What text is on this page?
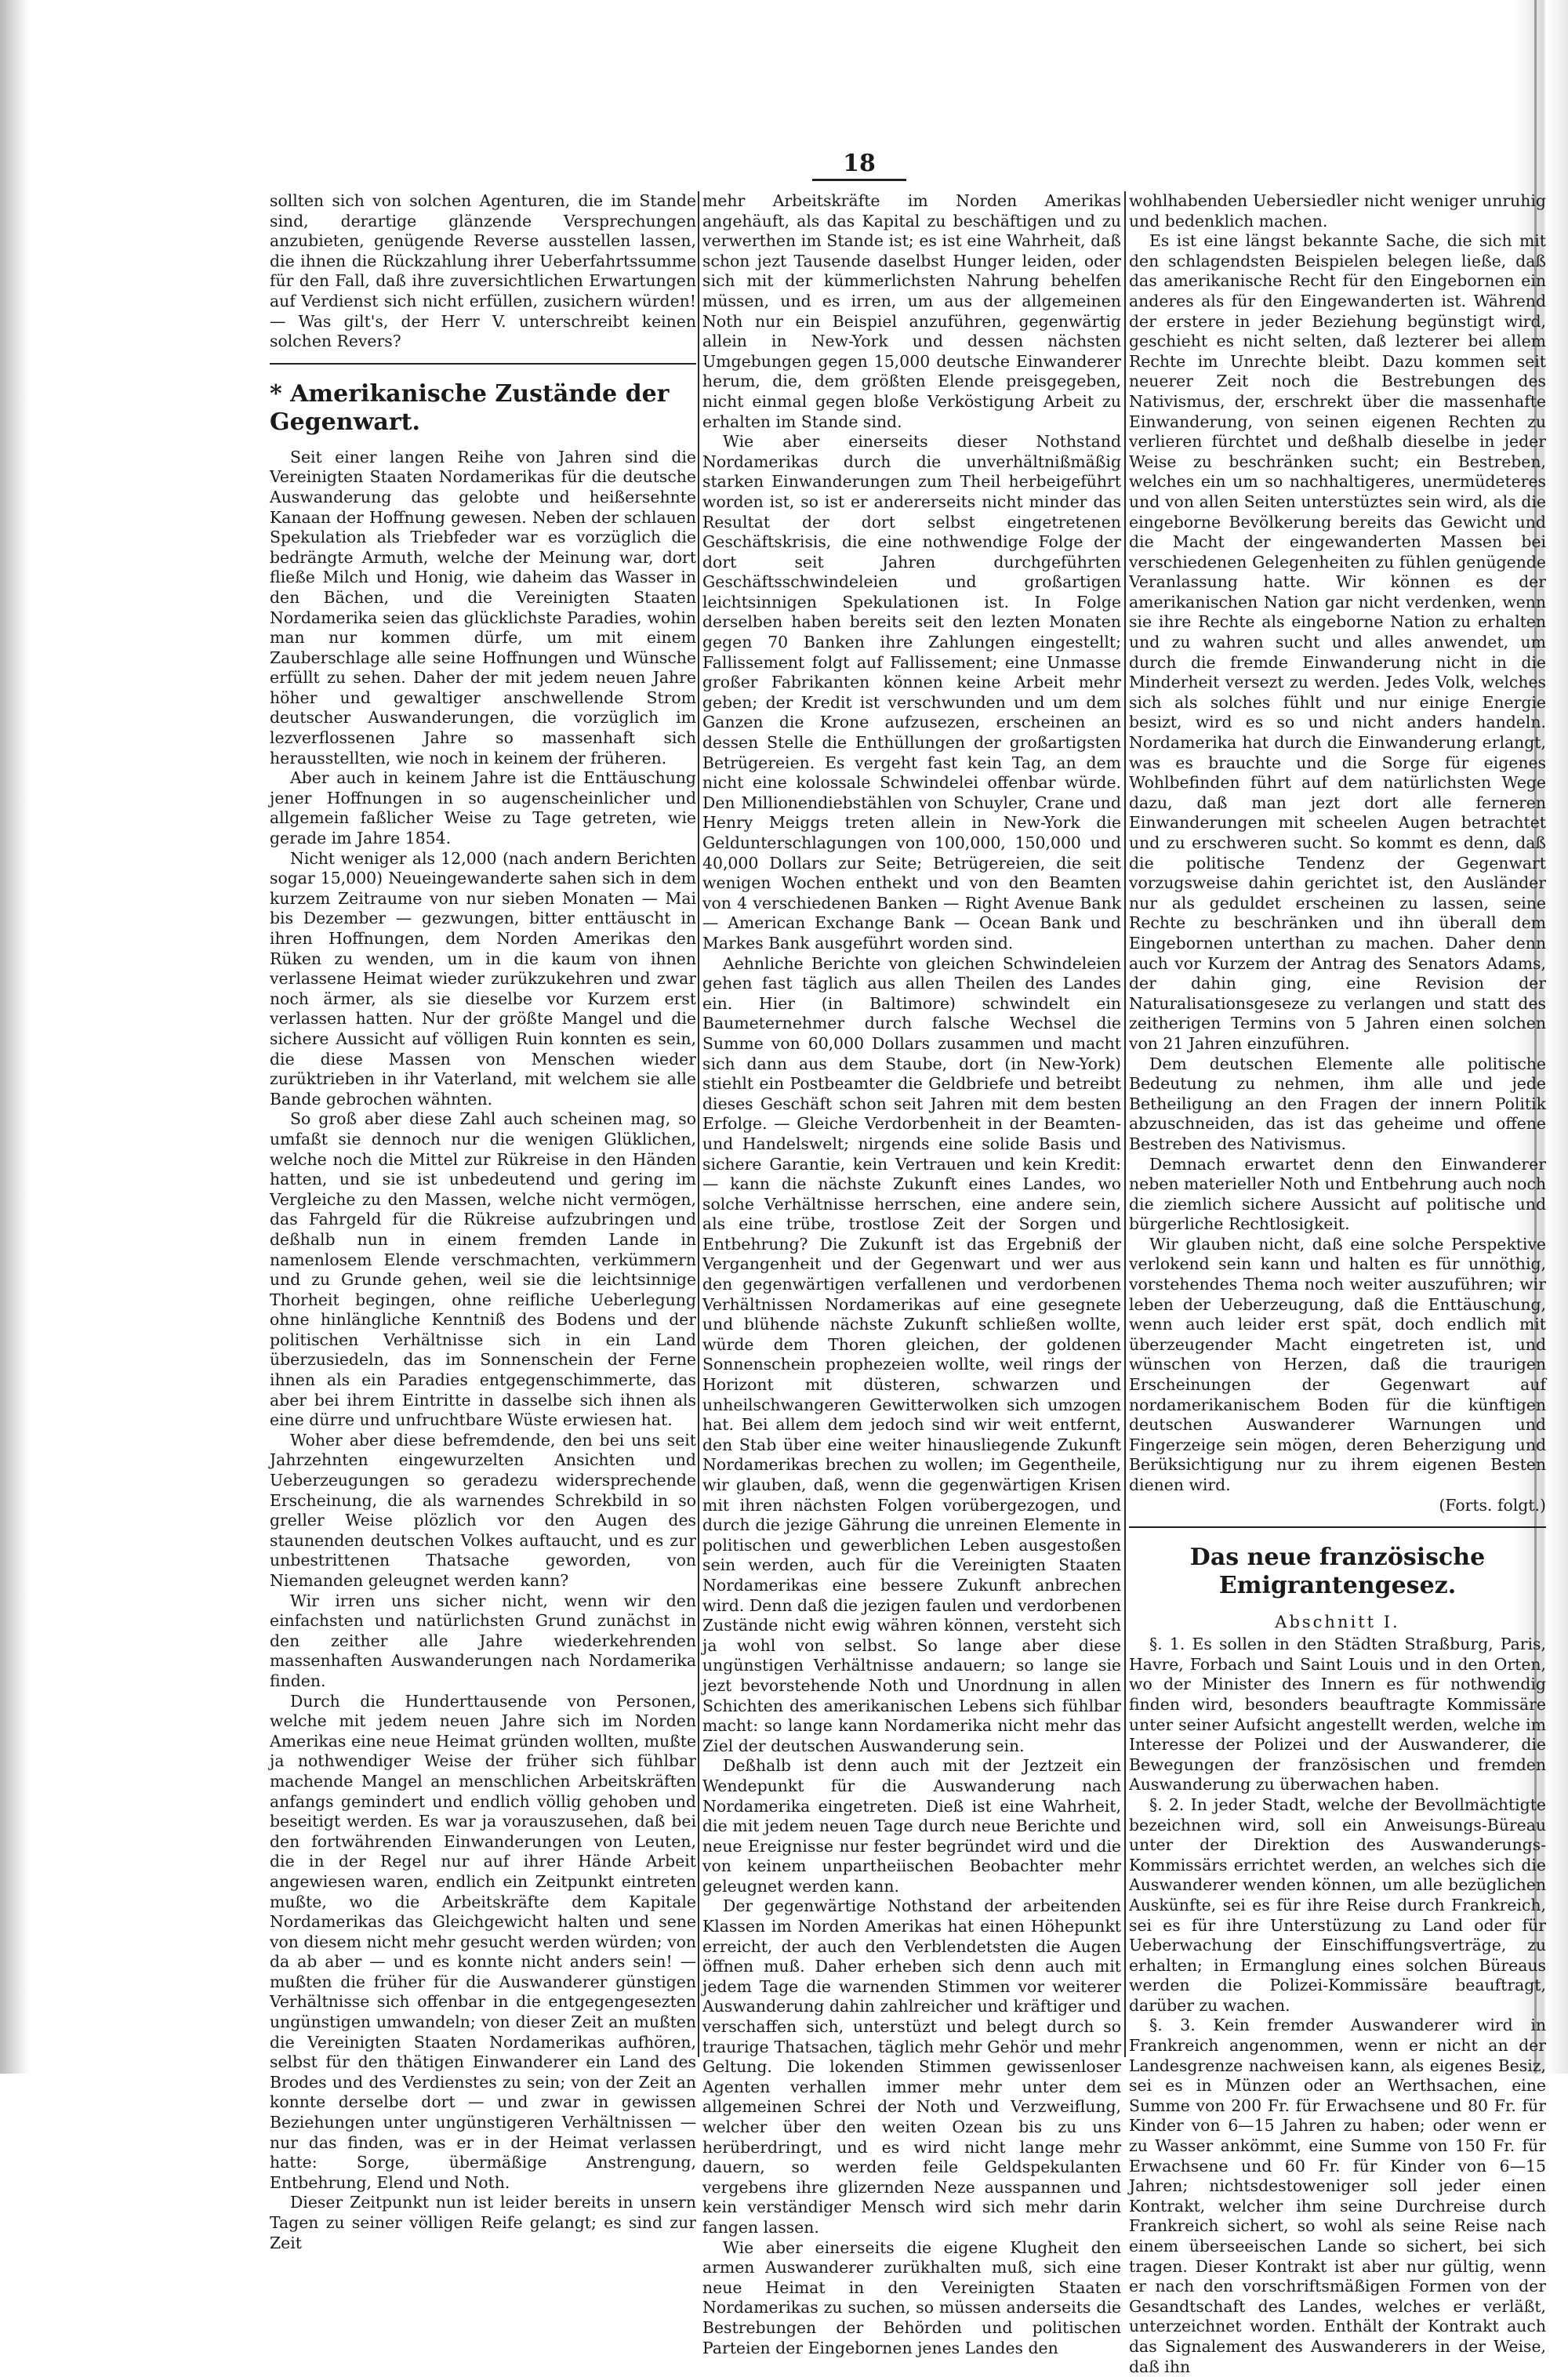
18

sollten sich von solchen Agenturen, die im Stande sind, derartige glänzende Versprechungen anzubieten, genügende Reverse ausstellen lassen, die ihnen die Rückzahlung ihrer Ueberfahrtssumme für den Fall, daß ihre zuversichtlichen Erwartungen auf Verdienst sich nicht erfüllen, zusichern würden! — Was gilt's, der Herr V. unterschreibt keinen solchen Revers?

* Amerikanische Zustände der Gegenwart.

Seit einer langen Reihe von Jahren sind die Vereinigten Staaten Nordamerikas für die deutsche Auswanderung das gelobte und heißersehnte Kanaan der Hoffnung gewesen. Neben der schlauen Spekulation als Triebfeder war es vorzüglich die bedrängte Armuth, welche der Meinung war, dort fließe Milch und Honig, wie daheim das Wasser in den Bächen, und die Vereinigten Staaten Nordamerika seien das glücklichste Paradies, wohin man nur kommen dürfe, um mit einem Zauberschlage alle seine Hoffnungen und Wünsche erfüllt zu sehen. Daher der mit jedem neuen Jahre höher und gewaltiger anschwellende Strom deutscher Auswanderungen, die vorzüglich im lezverflossenen Jahre so massenhaft sich herausstellten, wie noch in keinem der früheren.

Aber auch in keinem Jahre ist die Enttäuschung jener Hoffnungen in so augenscheinlicher und allgemein faßlicher Weise zu Tage getreten, wie gerade im Jahre 1854.

Nicht weniger als 12,000 (nach andern Berichten sogar 15,000) Neueingewanderte sahen sich in dem kurzem Zeitraume von nur sieben Monaten — Mai bis Dezember — gezwungen, bitter enttäuscht in ihren Hoffnungen, dem Norden Amerikas den Rüken zu wenden, um in die kaum von ihnen verlassene Heimat wieder zurükzukehren und zwar noch ärmer, als sie dieselbe vor Kurzem erst verlassen hatten. Nur der größte Mangel und die sichere Aussicht auf völligen Ruin konnten es sein, die diese Massen von Menschen wieder zurüktrieben in ihr Vaterland, mit welchem sie alle Bande gebrochen wähnten.

So groß aber diese Zahl auch scheinen mag, so umfaßt sie dennoch nur die wenigen Glüklichen, welche noch die Mittel zur Rükreise in den Händen hatten, und sie ist unbedeutend und gering im Vergleiche zu den Massen, welche nicht vermögen, das Fahrgeld für die Rükreise aufzubringen und deßhalb nun in einem fremden Lande in namenlosem Elende verschmachten, verkümmern und zu Grunde gehen, weil sie die leichtsinnige Thorheit begingen, ohne reifliche Ueberlegung ohne hinlängliche Kenntniß des Bodens und der politischen Verhältnisse sich in ein Land überzusiedeln, das im Sonnenschein der Ferne ihnen als ein Paradies entgegenschimmerte, das aber bei ihrem Eintritte in dasselbe sich ihnen als eine dürre und unfruchtbare Wüste erwiesen hat.

Woher aber diese befremdende, den bei uns seit Jahrzehnten eingewurzelten Ansichten und Ueberzeugungen so geradezu widersprechende Erscheinung, die als warnendes Schrekbild in so greller Weise plözlich vor den Augen des staunenden deutschen Volkes auftaucht, und es zur unbestrittenen Thatsache geworden, von Niemanden geleugnet werden kann?

Wir irren uns sicher nicht, wenn wir den einfachsten und natürlichsten Grund zunächst in den zeither alle Jahre wiederkehrenden massenhaften Auswanderungen nach Nordamerika finden.

Durch die Hunderttausende von Personen, welche mit jedem neuen Jahre sich im Norden Amerikas eine neue Heimat gründen wollten, mußte ja nothwendiger Weise der früher sich fühlbar machende Mangel an menschlichen Arbeitskräften anfangs gemindert und endlich völlig gehoben und beseitigt werden. Es war ja vorauszusehen, daß bei den fortwährenden Einwanderungen von Leuten, die in der Regel nur auf ihrer Hände Arbeit angewiesen waren, endlich ein Zeitpunkt eintreten mußte, wo die Arbeitskräfte dem Kapitale Nordamerikas das Gleichgewicht halten und sene von diesem nicht mehr gesucht werden würden; von da ab aber — und es konnte nicht anders sein! — mußten die früher für die Auswanderer günstigen Verhältnisse sich offenbar in die entgegengesezten ungünstigen umwandeln; von dieser Zeit an mußten die Vereinigten Staaten Nordamerikas aufhören, selbst für den thätigen Einwanderer ein Land des Brodes und des Verdienstes zu sein; von der Zeit an konnte derselbe dort — und zwar in gewissen Beziehungen unter ungünstigeren Verhältnissen — nur das finden, was er in der Heimat verlassen hatte: Sorge, übermäßige Anstrengung, Entbehrung, Elend und Noth.

Dieser Zeitpunkt nun ist leider bereits in unsern Tagen zu seiner völligen Reife gelangt; es sind zur Zeit

mehr Arbeitskräfte im Norden Amerikas angehäuft, als das Kapital zu beschäftigen und zu verwerthen im Stande ist; es ist eine Wahrheit, daß schon jezt Tausende daselbst Hunger leiden, oder sich mit der kümmerlichsten Nahrung behelfen müssen, und es irren, um aus der allgemeinen Noth nur ein Beispiel anzuführen, gegenwärtig allein in New-York und dessen nächsten Umgebungen gegen 15,000 deutsche Einwanderer herum, die, dem größten Elende preisgegeben, nicht einmal gegen bloße Verköstigung Arbeit zu erhalten im Stande sind.

Wie aber einerseits dieser Nothstand Nordamerikas durch die unverhältnißmäßig starken Einwanderungen zum Theil herbeigeführt worden ist, so ist er andererseits nicht minder das Resultat der dort selbst eingetretenen Geschäftskrisis, die eine nothwendige Folge der dort seit Jahren durchgeführten Geschäftsschwindeleien und großartigen leichtsinnigen Spekulationen ist. In Folge derselben haben bereits seit den lezten Monaten gegen 70 Banken ihre Zahlungen eingestellt; Fallissement folgt auf Fallissement; eine Unmasse großer Fabrikanten können keine Arbeit mehr geben; der Kredit ist verschwunden und um dem Ganzen die Krone aufzusezen, erscheinen an dessen Stelle die Enthüllungen der großartigsten Betrügereien. Es vergeht fast kein Tag, an dem nicht eine kolossale Schwindelei offenbar würde. Den Millionendiebstählen von Schuyler, Crane und Henry Meiggs treten allein in New-York die Geldunterschlagungen von 100,000, 150,000 und 40,000 Dollars zur Seite; Betrügereien, die seit wenigen Wochen enthekt und von den Beamten von 4 verschiedenen Banken — Right Avenue Bank — American Exchange Bank — Ocean Bank und Markes Bank ausgeführt worden sind.

Aehnliche Berichte von gleichen Schwindeleien gehen fast täglich aus allen Theilen des Landes ein. Hier (in Baltimore) schwindelt ein Baumeternehmer durch falsche Wechsel die Summe von 60,000 Dollars zusammen und macht sich dann aus dem Staube, dort (in New-York) stiehlt ein Postbeamter die Geldbriefe und betreibt dieses Geschäft schon seit Jahren mit dem besten Erfolge. — Gleiche Verdorbenheit in der Beamten- und Handelswelt; nirgends eine solide Basis und sichere Garantie, kein Vertrauen und kein Kredit: — kann die nächste Zukunft eines Landes, wo solche Verhältnisse herrschen, eine andere sein, als eine trübe, trostlose Zeit der Sorgen und Entbehrung? Die Zukunft ist das Ergebniß der Vergangenheit und der Gegenwart und wer aus den gegenwärtigen verfallenen und verdorbenen Verhältnissen Nordamerikas auf eine gesegnete und blühende nächste Zukunft schließen wollte, würde dem Thoren gleichen, der goldenen Sonnenschein prophezeien wollte, weil rings der Horizont mit düsteren, schwarzen und unheilschwangeren Gewitterwolken sich umzogen hat. Bei allem dem jedoch sind wir weit entfernt, den Stab über eine weiter hinausliegende Zukunft Nordamerikas brechen zu wollen; im Gegentheile, wir glauben, daß, wenn die gegenwärtigen Krisen mit ihren nächsten Folgen vorübergezogen, und durch die jezige Gährung die unreinen Elemente in politischen und gewerblichen Leben ausgestoßen sein werden, auch für die Vereinigten Staaten Nordamerikas eine bessere Zukunft anbrechen wird. Denn daß die jezigen faulen und verdorbenen Zustände nicht ewig währen können, versteht sich ja wohl von selbst. So lange aber diese ungünstigen Verhältnisse andauern; so lange sie jezt bevorstehende Noth und Unordnung in allen Schichten des amerikanischen Lebens sich fühlbar macht: so lange kann Nordamerika nicht mehr das Ziel der deutschen Auswanderung sein.

Deßhalb ist denn auch mit der Jeztzeit ein Wendepunkt für die Auswanderung nach Nordamerika eingetreten. Dieß ist eine Wahrheit, die mit jedem neuen Tage durch neue Berichte und neue Ereignisse nur fester begründet wird und die von keinem unpartheiischen Beobachter mehr geleugnet werden kann.

Der gegenwärtige Nothstand der arbeitenden Klassen im Norden Amerikas hat einen Höhepunkt erreicht, der auch den Verblendetsten die Augen öffnen muß. Daher erheben sich denn auch mit jedem Tage die warnenden Stimmen vor weiterer Auswanderung dahin zahlreicher und kräftiger und verschaffen sich, unterstüzt und belegt durch so traurige Thatsachen, täglich mehr Gehör und mehr Geltung. Die lokenden Stimmen gewissenloser Agenten verhallen immer mehr unter dem allgemeinen Schrei der Noth und Verzweiflung, welcher über den weiten Ozean bis zu uns herüberdringt, und es wird nicht lange mehr dauern, so werden feile Geldspekulanten vergebens ihre glizernden Neze ausspannen und kein verständiger Mensch wird sich mehr darin fangen lassen.

Wie aber einerseits die eigene Klugheit den armen Auswanderer zurükhalten muß, sich eine neue Heimat in den Vereinigten Staaten Nordamerikas zu suchen, so müssen anderseits die Bestrebungen der Behörden und politischen Parteien der Eingebornen jenes Landes den

wohlhabenden Uebersiedler nicht weniger unruhig und bedenklich machen.

Es ist eine längst bekannte Sache, die sich mit den schlagendsten Beispielen belegen ließe, daß das amerikanische Recht für den Eingebornen ein anderes als für den Eingewanderten ist. Während der erstere in jeder Beziehung begünstigt wird, geschieht es nicht selten, daß lezterer bei allem Rechte im Unrechte bleibt. Dazu kommen seit neuerer Zeit noch die Bestrebungen des Nativismus, der, erschrekt über die massenhafte Einwanderung, von seinen eigenen Rechten zu verlieren fürchtet und deßhalb dieselbe in jeder Weise zu beschränken sucht; ein Bestreben, welches ein um so nachhaltigeres, unermüdeteres und von allen Seiten unterstüztes sein wird, als die eingeborne Bevölkerung bereits das Gewicht und die Macht der eingewanderten Massen bei verschiedenen Gelegenheiten zu fühlen genügende Veranlassung hatte. Wir können es der amerikanischen Nation gar nicht verdenken, wenn sie ihre Rechte als eingeborne Nation zu erhalten und zu wahren sucht und alles anwendet, um durch die fremde Einwanderung nicht in die Minderheit versezt zu werden. Jedes Volk, welches sich als solches fühlt und nur einige Energie besizt, wird es so und nicht anders handeln. Nordamerika hat durch die Einwanderung erlangt, was es brauchte und die Sorge für eigenes Wohlbefinden führt auf dem natürlichsten Wege dazu, daß man jezt dort alle ferneren Einwanderungen mit scheelen Augen betrachtet und zu erschweren sucht. So kommt es denn, daß die politische Tendenz der Gegenwart vorzugsweise dahin gerichtet ist, den Ausländer nur als geduldet erscheinen zu lassen, seine Rechte zu beschränken und ihn überall dem Eingebornen unterthan zu machen. Daher denn auch vor Kurzem der Antrag des Senators Adams, der dahin ging, eine Revision der Naturalisationsgeseze zu verlangen und statt des zeitherigen Termins von 5 Jahren einen solchen von 21 Jahren einzuführen.

Dem deutschen Elemente alle politische Bedeutung zu nehmen, ihm alle und jede Betheiligung an den Fragen der innern Politik abzuschneiden, das ist das geheime und offene Bestreben des Nativismus.

Demnach erwartet denn den Einwanderer neben materieller Noth und Entbehrung auch noch die ziemlich sichere Aussicht auf politische und bürgerliche Rechtlosigkeit.

Wir glauben nicht, daß eine solche Perspektive verlokend sein kann und halten es für unnöthig, vorstehendes Thema noch weiter auszuführen; wir leben der Ueberzeugung, daß die Enttäuschung, wenn auch leider erst spät, doch endlich mit überzeugender Macht eingetreten ist, und wünschen von Herzen, daß die traurigen Erscheinungen der Gegenwart auf nordamerikanischem Boden für die künftigen deutschen Auswanderer Warnungen und Fingerzeige sein mögen, deren Beherzigung und Berüksichtigung nur zu ihrem eigenen Besten dienen wird.

(Forts. folgt.)

Das neue französische Emigrantengesez.
Abschnitt I.

§. 1. Es sollen in den Städten Straßburg, Paris, Havre, Forbach und Saint Louis und in den Orten, wo der Minister des Innern es für nothwendig finden wird, besonders beauftragte Kommissäre unter seiner Aufsicht angestellt werden, welche im Interesse der Polizei und der Auswanderer, die Bewegungen der französischen und fremden Auswanderung zu überwachen haben.

§. 2. In jeder Stadt, welche der Bevollmächtigte bezeichnen wird, soll ein Anweisungs-Büreau unter der Direktion des Auswanderungs-Kommissärs errichtet werden, an welches sich die Auswanderer wenden können, um alle bezüglichen Auskünfte, sei es für ihre Reise durch Frankreich, sei es für ihre Unterstüzung zu Land oder für Ueberwachung der Einschiffungsverträge, zu erhalten; in Ermanglung eines solchen Büreaus werden die Polizei-Kommissäre beauftragt, darüber zu wachen.

§. 3. Kein fremder Auswanderer wird in Frankreich angenommen, wenn er nicht an der Landesgrenze nachweisen kann, als eigenes Besiz, sei es in Münzen oder an Werthsachen, eine Summe von 200 Fr. für Erwachsene und 80 Fr. für Kinder von 6—15 Jahren zu haben; oder wenn er zu Wasser ankömmt, eine Summe von 150 Fr. für Erwachsene und 60 Fr. für Kinder von 6—15 Jahren; nichtsdestoweniger soll jeder einen Kontrakt, welcher ihm seine Durchreise durch Frankreich sichert, so wohl als seine Reise nach einem überseeischen Lande so sichert, bei sich tragen. Dieser Kontrakt ist aber nur gültig, wenn er nach den vorschriftsmäßigen Formen von der Gesandtschaft des Landes, welches er verläßt, unterzeichnet worden. Enthält der Kontrakt auch das Signalement des Auswanderers in der Weise, daß ihn
